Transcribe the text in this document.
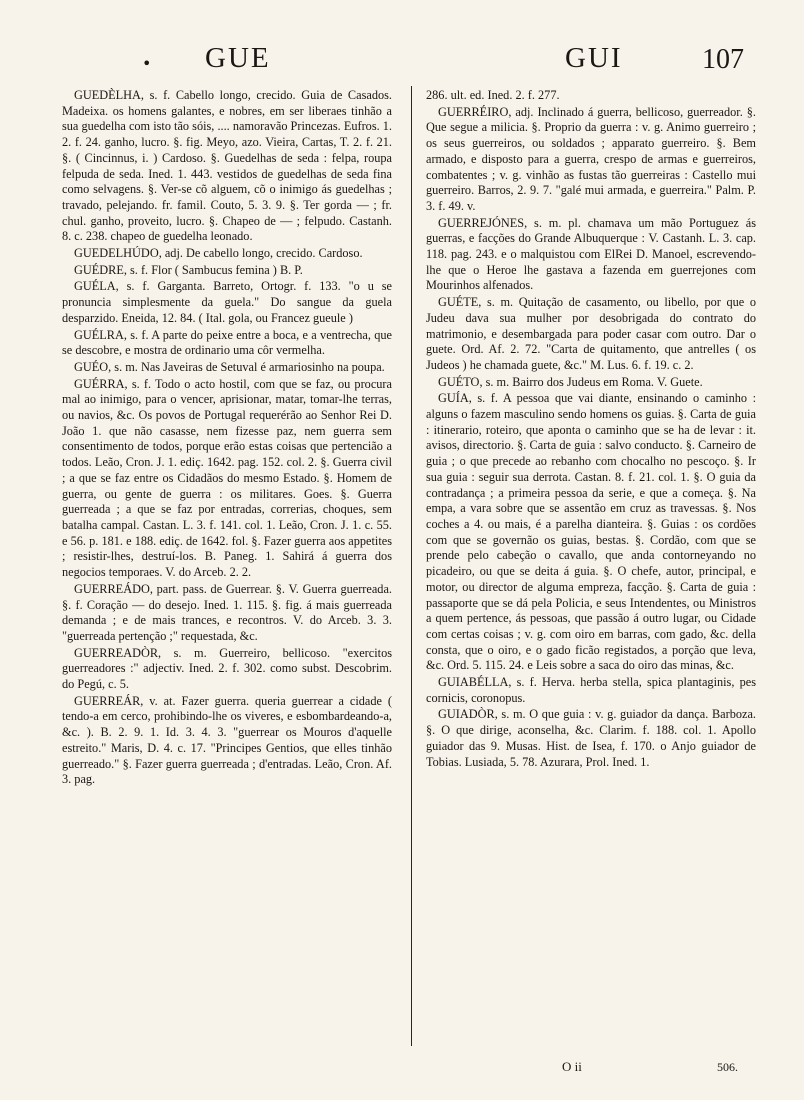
• GUE	GUI	107

GUEDÈLHA, s. f. Cabello longo, crecido. Guia de Casados. Madeixa. os homens galantes, e nobres, em ser liberaes tinhão a sua guedelha com isto tão sóis, .... namoravão Princezas. Eufros. 1. 2. f. 24. ganho, lucro. §. fig. Meyo, azo. Vieira, Cartas, T. 2. f. 21. §. ( Cincinnus, i. ) Cardoso. §. Guedelhas de seda : felpa, roupa felpuda de seda. Ined. 1. 443. vestidos de guedelhas de seda fina como selvagens. §. Ver-se cõ alguem, cõ o inimigo ás guedelhas ; travado, pelejando. fr. famil. Couto, 5. 3. 9. §. Ter gorda — ; fr. chul. ganho, proveito, lucro. §. Chapeo de — ; felpudo. Castanh. 8. c. 238. chapeo de guedelha leonado.

GUEDELHÚDO, adj. De cabello longo, crecido. Cardoso.

GUÉDRE, s. f. Flor ( Sambucus femina ) B. P.

GUÉLA, s. f. Garganta. Barreto, Ortogr. f. 133. "o u se pronuncia simplesmente da guela." Do sangue da guela desparzido. Eneida, 12. 84. ( Ital. gola, ou Francez gueule )

GUÉLRA, s. f. A parte do peixe entre a boca, e a ventrecha, que se descobre, e mostra de ordinario uma côr vermelha.

GUÉO, s. m. Nas Javeiras de Setuval é armariosinho na poupa.

GUÉRRA, s. f. Todo o acto hostil, com que se faz, ou procura mal ao inimigo, para o vencer, aprisionar, matar, tomar-lhe terras, ou navios, &c. Os povos de Portugal requerérão ao Senhor Rei D. João 1. que não casasse, nem fizesse paz, nem guerra sem consentimento de todos, porque erão estas coisas que pertencião a todos. Leão, Cron. J. 1. ediç. 1642. pag. 152. col. 2. §. Guerra civil ; a que se faz entre os Cidadãos do mesmo Estado. §. Homem de guerra, ou gente de guerra : os militares. Goes. §. Guerra guerreada ; a que se faz por entradas, correrias, choques, sem batalha campal. Castan. L. 3. f. 141. col. 1. Leão, Cron. J. 1. c. 55. e 56. p. 181. e 188. ediç. de 1642. fol. §. Fazer guerra aos appetites ; resistir-lhes, destruí-los. B. Paneg. 1. Sahirá á guerra dos negocios temporaes. V. do Arceb. 2. 2.

GUERREÁDO, part. pass. de Guerrear. §. V. Guerra guerreada. §. f. Coração — do desejo. Ined. 1. 115. §. fig. á mais guerreada demanda ; e de mais trances, e recontros. V. do Arceb. 3. 3. "guerreada pertenção ;" requestada, &c.

GUERREADÒR, s. m. Guerreiro, bellicoso. "exercitos guerreadores :" adjectiv. Ined. 2. f. 302. como subst. Descobrim. do Pegú, c. 5.

GUERREÁR, v. at. Fazer guerra. queria guerrear a cidade ( tendo-a em cerco, prohibindo-lhe os viveres, e esbombardeando-a, &c. ). B. 2. 9. 1. Id. 3. 4. 3. "guerrear os Mouros d'aquelle estreito." Maris, D. 4. c. 17. "Principes Gentios, que elles tinhão guerreado." §. Fazer guerra guerreada ; d'entradas. Leão, Cron. Af. 3. pag.

286. ult. ed. Ined. 2. f. 277.

GUERRÉIRO, adj. Inclinado á guerra, bellicoso, guerreador. §. Que segue a milicia. §. Proprio da guerra : v. g. Animo guerreiro ; os seus guerreiros, ou soldados ; apparato guerreiro. §. Bem armado, e disposto para a guerra, crespo de armas e guerreiros, combatentes ; v. g. vinhão as fustas tão guerreiras : Castello mui guerreiro. Barros, 2. 9. 7. "galé mui armada, e guerreira." Palm. P. 3. f. 49. v.

GUERREJÓNES, s. m. pl. chamava um mão Portuguez ás guerras, e facções do Grande Albuquerque : V. Castanh. L. 3. cap. 118. pag. 243. e o malquistou com ElRei D. Manoel, escrevendo-lhe que o Heroe lhe gastava a fazenda em guerrejones com Mourinhos alfenados.

GUÉTE, s. m. Quitação de casamento, ou libello, por que o Judeu dava sua mulher por desobrigada do contrato do matrimonio, e desembargada para poder casar com outro. Dar o guete. Ord. Af. 2. 72. "Carta de quitamento, que antrelles ( os Judeos ) he chamada guete, &c." M. Lus. 6. f. 19. c. 2.

GUÉTO, s. m. Bairro dos Judeus em Roma. V. Guete.

GUÍA, s. f. A pessoa que vai diante, ensinando o caminho : alguns o fazem masculino sendo homens os guias. §. Carta de guia : itinerario, roteiro, que aponta o caminho que se ha de levar : it. avisos, directorio. §. Carta de guia : salvo conducto. §. Carneiro de guia ; o que precede ao rebanho com chocalho no pescoço. §. Ir sua guia : seguir sua derrota. Castan. 8. f. 21. col. 1. §. O guia da contradança ; a primeira pessoa da serie, e que a começa. §. Na empa, a vara sobre que se assentão em cruz as travessas. §. Nos coches a 4. ou mais, é a parelha dianteira. §. Guias : os cordões com que se governão os guias, bestas. §. Cordão, com que se prende pelo cabeção o cavallo, que anda contorneyando no picadeiro, ou que se deita á guia. §. O chefe, autor, principal, e motor, ou director de alguma empreza, facção. §. Carta de guia : passaporte que se dá pela Policia, e seus Intendentes, ou Ministros a quem pertence, ás pessoas, que passão á outro lugar, ou Cidade com certas coisas ; v. g. com oiro em barras, com gado, &c. della consta, que o oiro, e o gado ficão registados, a porção que leva, &c. Ord. 5. 115. 24. e Leis sobre a saca do oiro das minas, &c.

GUIABÉLLA, s. f. Herva. herba stella, spica plantaginis, pes cornicis, coronopus.

GUIADÒR, s. m. O que guia : v. g. guiador da dança. Barboza. §. O que dirige, aconselha, &c. Clarim. f. 188. col. 1. Apollo guiador das 9. Musas. Hist. de Isea, f. 170. o Anjo guiador de Tobias. Lusiada, 5. 78. Azurara, Prol. Ined. 1.

O ii	506.
